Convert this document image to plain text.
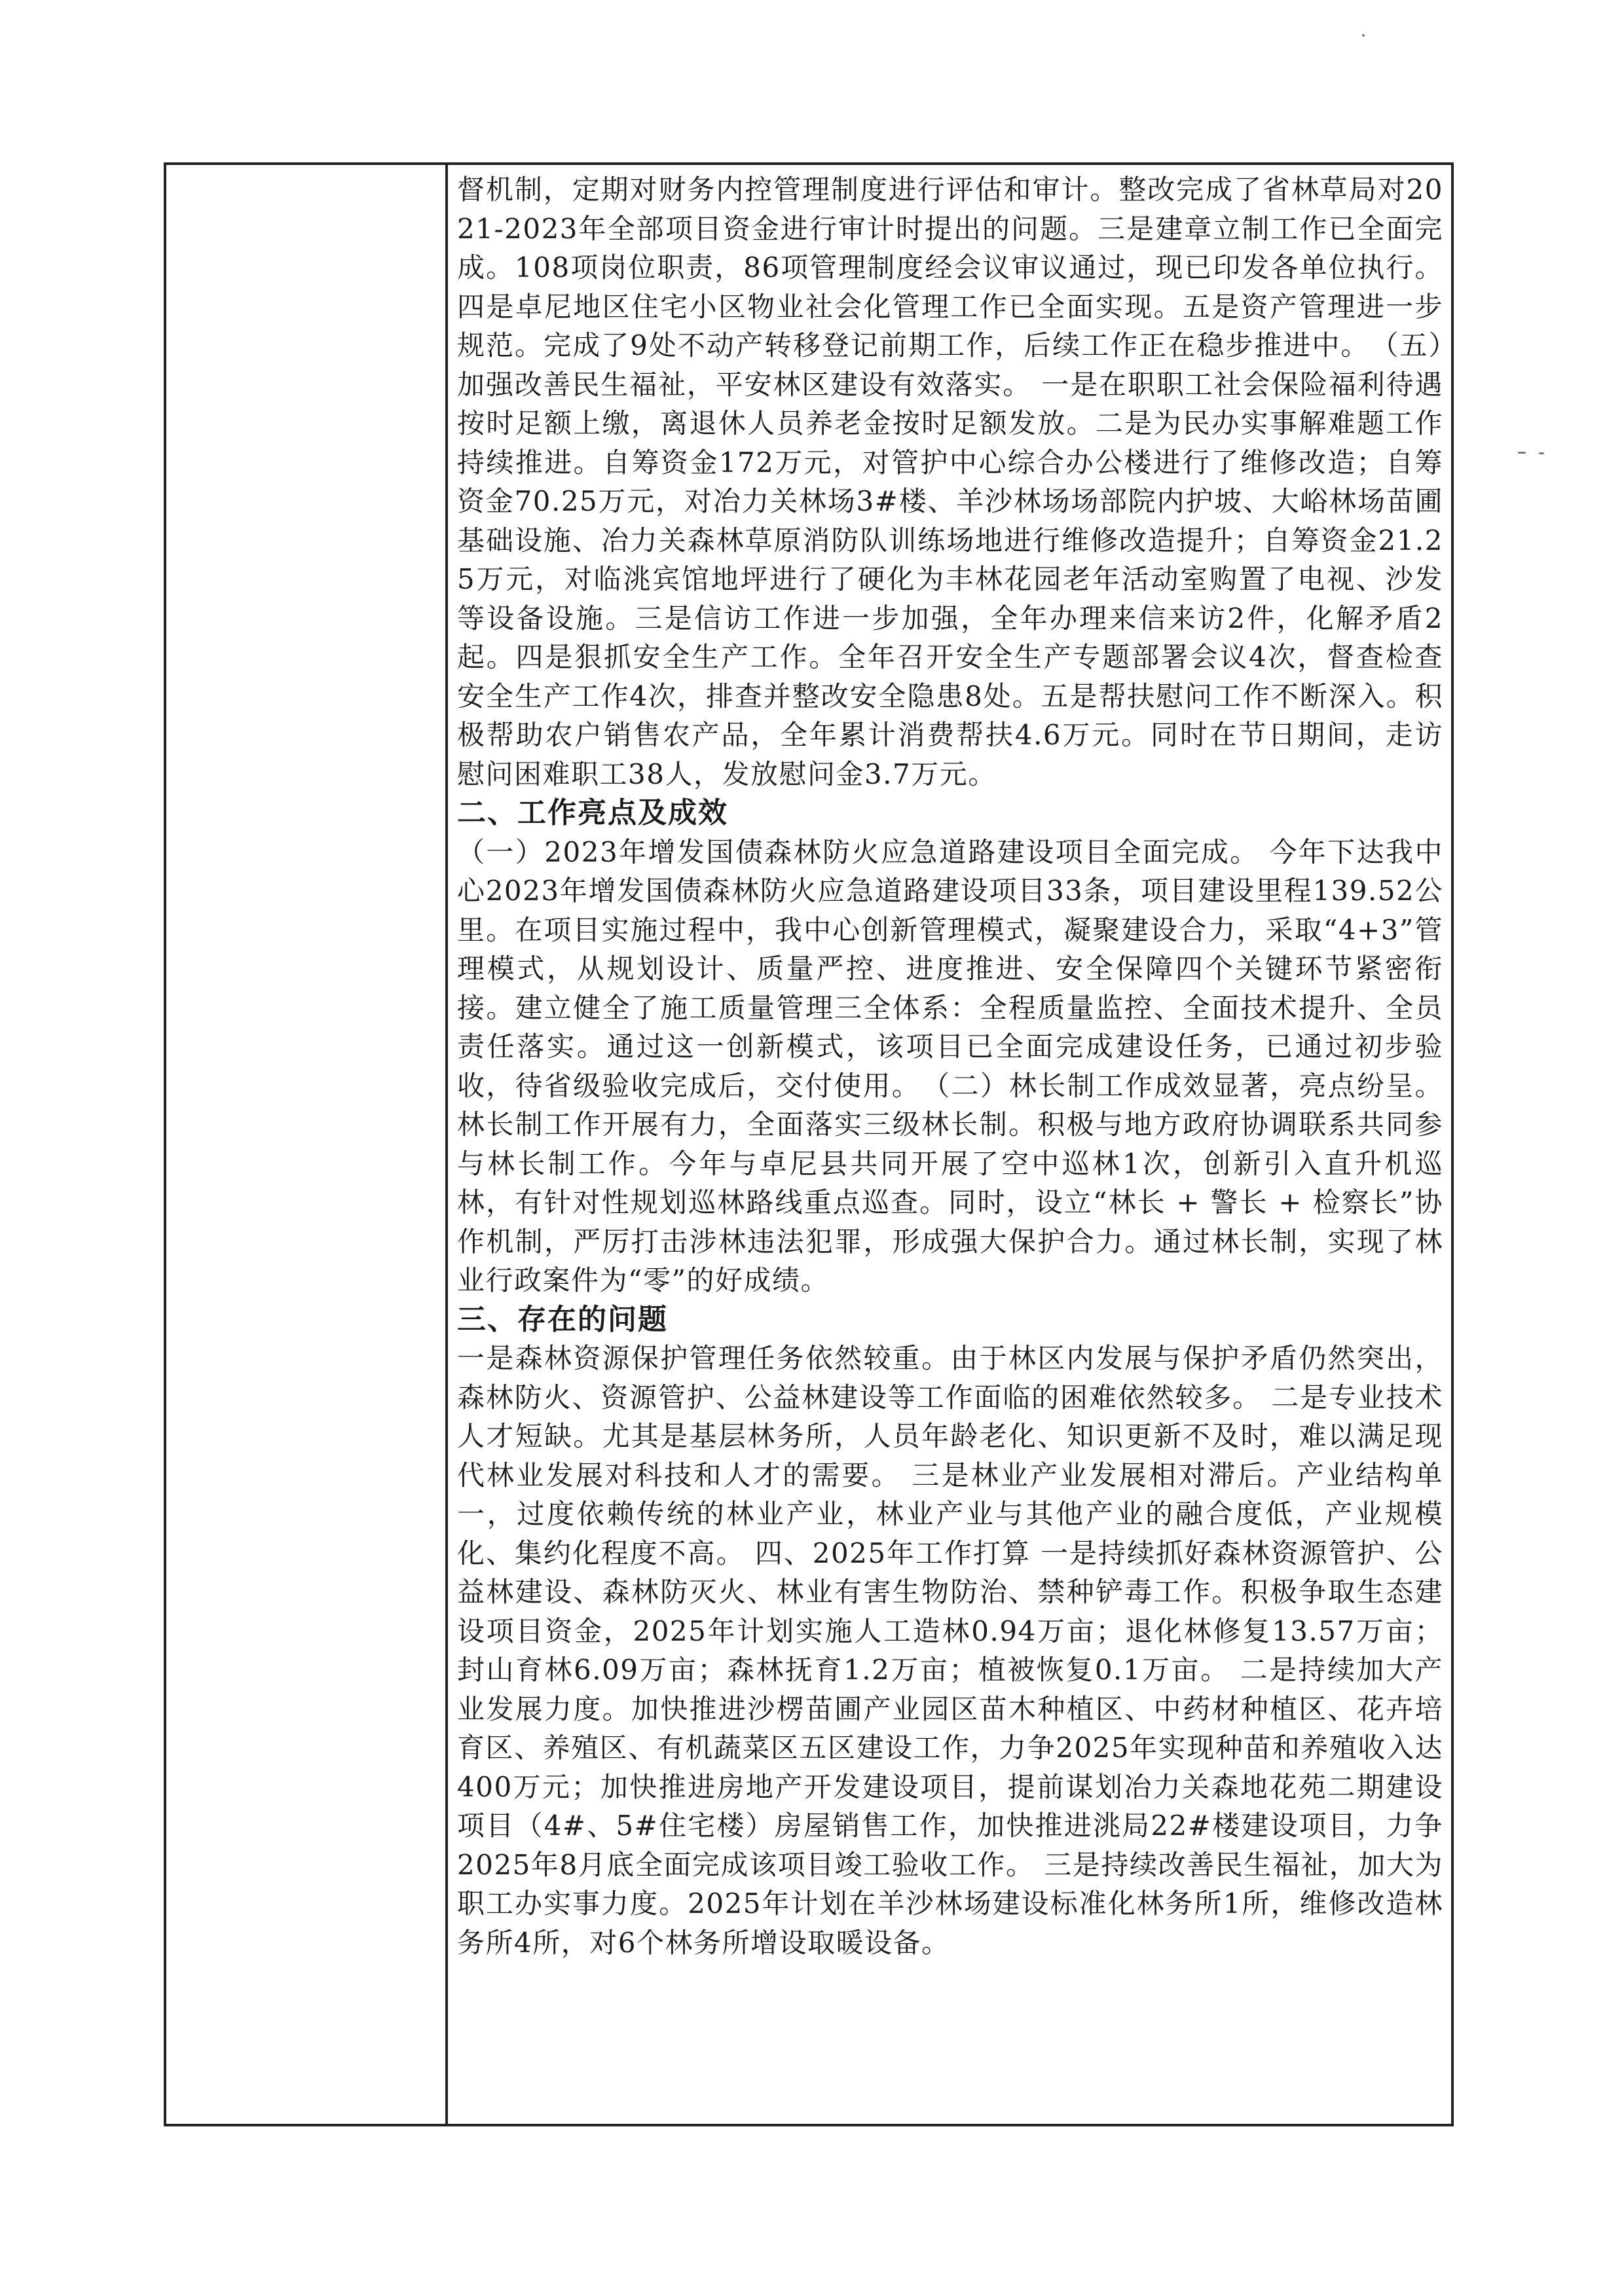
督机制，定期对财务内控管理制度进行评估和审计。整改完成了省林草局对2021-2023年全部项目资金进行审计时提出的问题。三是建章立制工作已全面完成。108项岗位职责，86项管理制度经会议审议通过，现已印发各单位执行。四是卓尼地区住宅小区物业社会化管理工作已全面实现。五是资产管理进一步规范。完成了9处不动产转移登记前期工作，后续工作正在稳步推进中。　（五）加强改善民生福祉，平安林区建设有效落实。 一是在职职工社会保险福利待遇按时足额上缴，离退休人员养老金按时足额发放。二是为民办实事解难题工作持续推进。自筹资金172万元，对管护中心综合办公楼进行了维修改造；自筹资金70.25万元，对冶力关林场3#楼、羊沙林场场部院内护坡、大峪林场苗圃基础设施、冶力关森林草原消防队训练场地进行维修改造提升；自筹资金21.25万元，对临洮宾馆地坪进行了硬化为丰林花园老年活动室购置了电视、沙发等设备设施。三是信访工作进一步加强，全年办理来信来访2件，化解矛盾2起。四是狠抓安全生产工作。全年召开安全生产专题部署会议4次，督查检查安全生产工作4次，排查并整改安全隐患8处。五是帮扶慰问工作不断深入。积极帮助农户销售农产品，全年累计消费帮扶4.6万元。同时在节日期间，走访慰问困难职工38人，发放慰问金3.7万元。

二、工作亮点及成效

（一）2023年增发国债森林防火应急道路建设项目全面完成。 今年下达我中心2023年增发国债森林防火应急道路建设项目33条，项目建设里程139.52公里。在项目实施过程中，我中心创新管理模式，凝聚建设合力，采取“4+3”管理模式，从规划设计、质量严控、进度推进、安全保障四个关键环节紧密衔接。建立健全了施工质量管理三全体系：全程质量监控、全面技术提升、全员责任落实。通过这一创新模式，该项目已全面完成建设任务，已通过初步验收，待省级验收完成后，交付使用。　（二）林长制工作成效显著，亮点纷呈。 林长制工作开展有力，全面落实三级林长制。积极与地方政府协调联系共同参与林长制工作。今年与卓尼县共同开展了空中巡林1次，创新引入直升机巡林，有针对性规划巡林路线重点巡查。同时，设立“林长 + 警长 + 检察长”协作机制，严厉打击涉林违法犯罪，形成强大保护合力。通过林长制，实现了林业行政案件为“零”的好成绩。

三、存在的问题

一是森林资源保护管理任务依然较重。由于林区内发展与保护矛盾仍然突出，森林防火、资源管护、公益林建设等工作面临的困难依然较多。 二是专业技术人才短缺。尤其是基层林务所，人员年龄老化、知识更新不及时，难以满足现代林业发展对科技和人才的需要。 三是林业产业发展相对滞后。产业结构单一，过度依赖传统的林业产业，林业产业与其他产业的融合度低，产业规模化、集约化程度不高。 四、2025年工作打算 一是持续抓好森林资源管护、公益林建设、森林防灭火、林业有害生物防治、禁种铲毒工作。积极争取生态建设项目资金，2025年计划实施人工造林0.94万亩；退化林修复13.57万亩；封山育林6.09万亩；森林抚育1.2万亩；植被恢复0.1万亩。 二是持续加大产业发展力度。加快推进沙楞苗圃产业园区苗木种植区、中药材种植区、花卉培育区、养殖区、有机蔬菜区五区建设工作，力争2025年实现种苗和养殖收入达400万元；加快推进房地产开发建设项目，提前谋划冶力关森地花苑二期建设项目（4#、5#住宅楼）房屋销售工作，加快推进洮局22#楼建设项目，力争2025年8月底全面完成该项目竣工验收工作。 三是持续改善民生福祉，加大为职工办实事力度。2025年计划在羊沙林场建设标准化林务所1所，维修改造林务所4所，对6个林务所增设取暖设备。
